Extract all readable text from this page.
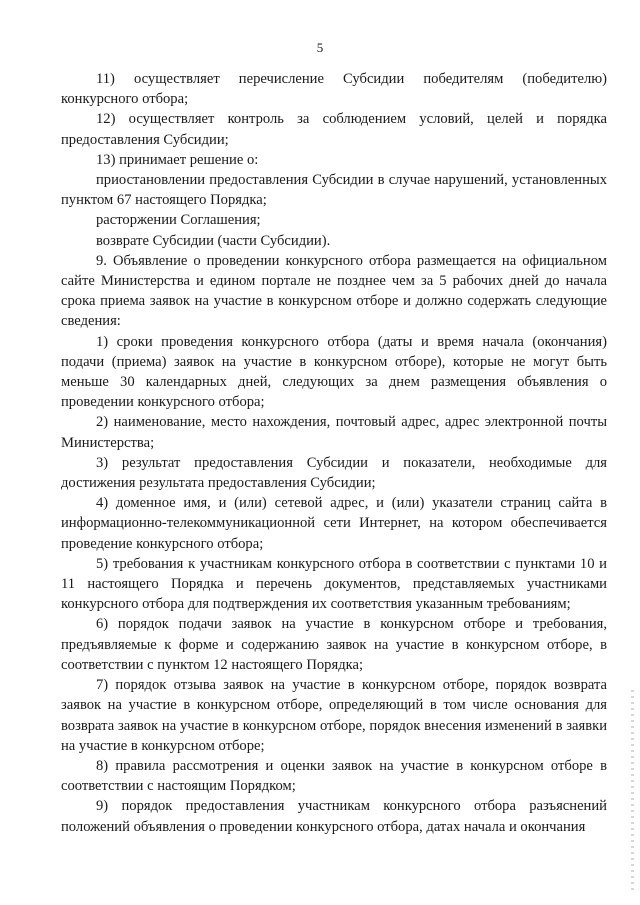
5

11) осуществляет перечисление Субсидии победителям (победителю) конкурсного отбора;

12) осуществляет контроль за соблюдением условий, целей и порядка предоставления Субсидии;

13) принимает решение о:

приостановлении предоставления Субсидии в случае нарушений, установленных пунктом 67 настоящего Порядка;

расторжении Соглашения;

возврате Субсидии (части Субсидии).

9. Объявление о проведении конкурсного отбора размещается на официальном сайте Министерства и едином портале не позднее чем за 5 рабочих дней до начала срока приема заявок на участие в конкурсном отборе и должно содержать следующие сведения:

1) сроки проведения конкурсного отбора (даты и время начала (окончания) подачи (приема) заявок на участие в конкурсном отборе), которые не могут быть меньше 30 календарных дней, следующих за днем размещения объявления о проведении конкурсного отбора;

2) наименование, место нахождения, почтовый адрес, адрес электронной почты Министерства;

3) результат предоставления Субсидии и показатели, необходимые для достижения результата предоставления Субсидии;

4) доменное имя, и (или) сетевой адрес, и (или) указатели страниц сайта в информационно-телекоммуникационной сети Интернет, на котором обеспечивается проведение конкурсного отбора;

5) требования к участникам конкурсного отбора в соответствии с пунктами 10 и 11 настоящего Порядка и перечень документов, представляемых участниками конкурсного отбора для подтверждения их соответствия указанным требованиям;

6) порядок подачи заявок на участие в конкурсном отборе и требования, предъявляемые к форме и содержанию заявок на участие в конкурсном отборе, в соответствии с пунктом 12 настоящего Порядка;

7) порядок отзыва заявок на участие в конкурсном отборе, порядок возврата заявок на участие в конкурсном отборе, определяющий в том числе основания для возврата заявок на участие в конкурсном отборе, порядок внесения изменений в заявки на участие в конкурсном отборе;

8) правила рассмотрения и оценки заявок на участие в конкурсном отборе в соответствии с настоящим Порядком;

9) порядок предоставления участникам конкурсного отбора разъяснений положений объявления о проведении конкурсного отбора, датах начала и окончания
